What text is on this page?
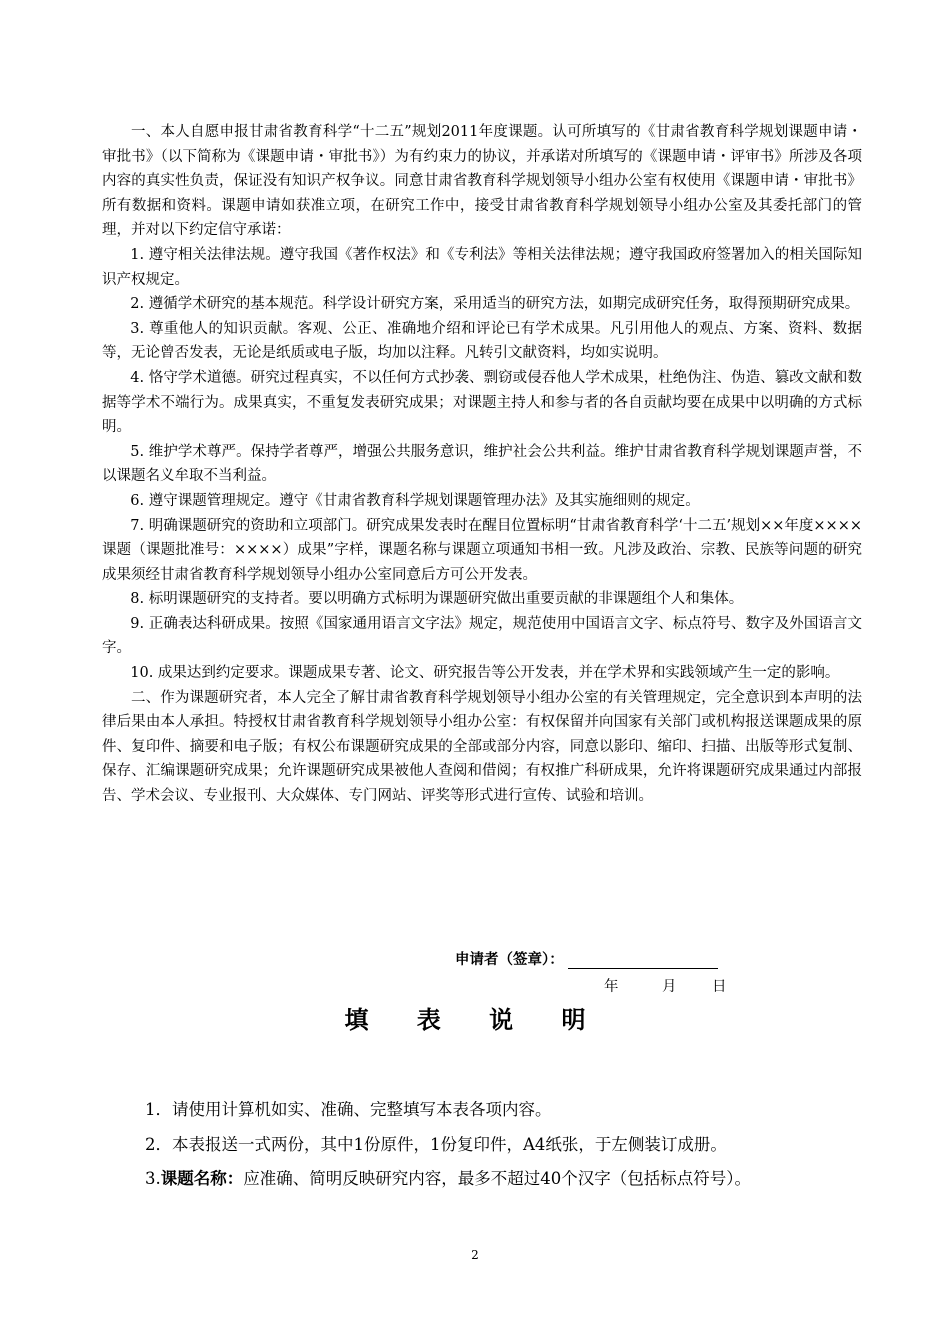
一、本人自愿申报甘肃省教育科学“十二五”规划2011年度课题。认可所填写的《甘肃省教育科学规划课题申请・审批书》（以下简称为《课题申请・审批书》）为有约束力的协议，并承诺对所填写的《课题申请・评审书》所涉及各项内容的真实性负责，保证没有知识产权争议。同意甘肃省教育科学规划领导小组办公室有权使用《课题申请・审批书》所有数据和资料。课题申请如获准立项，在研究工作中，接受甘肃省教育科学规划领导小组办公室及其委托部门的管理，并对以下约定信守承诺：

1. 遵守相关法律法规。遵守我国《著作权法》和《专利法》等相关法律法规；遵守我国政府签署加入的相关国际知识产权规定。

2. 遵循学术研究的基本规范。科学设计研究方案，采用适当的研究方法，如期完成研究任务，取得预期研究成果。

3. 尊重他人的知识贡献。客观、公正、准确地介绍和评论已有学术成果。凡引用他人的观点、方案、资料、数据等，无论曾否发表，无论是纸质或电子版，均加以注释。凡转引文献资料，均如实说明。

4. 恪守学术道德。研究过程真实，不以任何方式抄袭、剽窃或侵吞他人学术成果，杜绝伪注、伪造、篡改文献和数据等学术不端行为。成果真实，不重复发表研究成果；对课题主持人和参与者的各自贡献均要在成果中以明确的方式标明。

5. 维护学术尊严。保持学者尊严，增强公共服务意识，维护社会公共利益。维护甘肃省教育科学规划课题声誉，不以课题名义牟取不当利益。

6. 遵守课题管理规定。遵守《甘肃省教育科学规划课题管理办法》及其实施细则的规定。

7. 明确课题研究的资助和立项部门。研究成果发表时在醒目位置标明“甘肃省教育科学‘十二五’规划××年度××××课题（课题批准号：××××）成果”字样，课题名称与课题立项通知书相一致。凡涉及政治、宗教、民族等问题的研究成果须经甘肃省教育科学规划领导小组办公室同意后方可公开发表。

8. 标明课题研究的支持者。要以明确方式标明为课题研究做出重要贡献的非课题组个人和集体。

9. 正确表达科研成果。按照《国家通用语言文字法》规定，规范使用中国语言文字、标点符号、数字及外国语言文字。

10. 成果达到约定要求。课题成果专著、论文、研究报告等公开发表，并在学术界和实践领域产生一定的影响。

二、作为课题研究者，本人完全了解甘肃省教育科学规划领导小组办公室的有关管理规定，完全意识到本声明的法律后果由本人承担。特授权甘肃省教育科学规划领导小组办公室：有权保留并向国家有关部门或机构报送课题成果的原件、复印件、摘要和电子版；有权公布课题研究成果的全部或部分内容，同意以影印、缩印、扫描、出版等形式复制、保存、汇编课题研究成果；允许课题研究成果被他人查阅和借阅；有权推广科研成果，允许将课题研究成果通过内部报告、学术会议、专业报刊、大众媒体、专门网站、评奖等形式进行宣传、试验和培训。

申请者（签章）：
年	月 日
填 表 说 明

1．请使用计算机如实、准确、完整填写本表各项内容。

2．本表报送一式两份，其中1份原件，1份复印件，A4纸张，于左侧装订成册。

3.课题名称：应准确、简明反映研究内容，最多不超过40个汉字（包括标点符号）。

2
